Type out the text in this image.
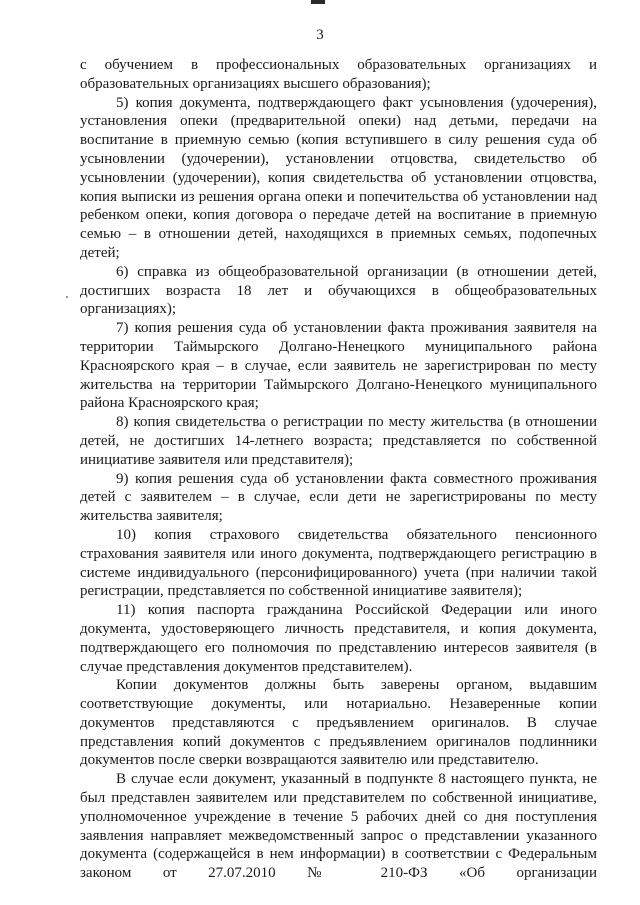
3

с обучением в профессиональных образовательных организациях и образовательных организациях высшего образования);

5) копия документа, подтверждающего факт усыновления (удочерения), установления опеки (предварительной опеки) над детьми, передачи на воспитание в приемную семью (копия вступившего в силу решения суда об усыновлении (удочерении), установлении отцовства, свидетельство об усыновлении (удочерении), копия свидетельства об установлении отцовства, копия выписки из решения органа опеки и попечительства об установлении над ребенком опеки, копия договора о передаче детей на воспитание в приемную семью – в отношении детей, находящихся в приемных семьях, подопечных детей;

6) справка из общеобразовательной организации (в отношении детей, достигших возраста 18 лет и обучающихся в общеобразовательных организациях);

7) копия решения суда об установлении факта проживания заявителя на территории Таймырского Долгано-Ненецкого муниципального района Красноярского края – в случае, если заявитель не зарегистрирован по месту жительства на территории Таймырского Долгано-Ненецкого муниципального района Красноярского края;

8) копия свидетельства о регистрации по месту жительства (в отношении детей, не достигших 14-летнего возраста; представляется по собственной инициативе заявителя или представителя);

9) копия решения суда об установлении факта совместного проживания детей с заявителем – в случае, если дети не зарегистрированы по месту жительства заявителя;

10) копия страхового свидетельства обязательного пенсионного страхования заявителя или иного документа, подтверждающего регистрацию в системе индивидуального (персонифицированного) учета (при наличии такой регистрации, представляется по собственной инициативе заявителя);

11) копия паспорта гражданина Российской Федерации или иного документа, удостоверяющего личность представителя, и копия документа, подтверждающего его полномочия по представлению интересов заявителя (в случае представления документов представителем).

Копии документов должны быть заверены органом, выдавшим соответствующие документы, или нотариально. Незаверенные копии документов представляются с предъявлением оригиналов. В случае представления копий документов с предъявлением оригиналов подлинники документов после сверки возвращаются заявителю или представителю.

В случае если документ, указанный в подпункте 8 настоящего пункта, не был представлен заявителем или представителем по собственной инициативе, уполномоченное учреждение в течение 5 рабочих дней со дня поступления заявления направляет межведомственный запрос о представлении указанного документа (содержащейся в нем информации) в соответствии с Федеральным законом от 27.07.2010 № 210-ФЗ «Об организации
